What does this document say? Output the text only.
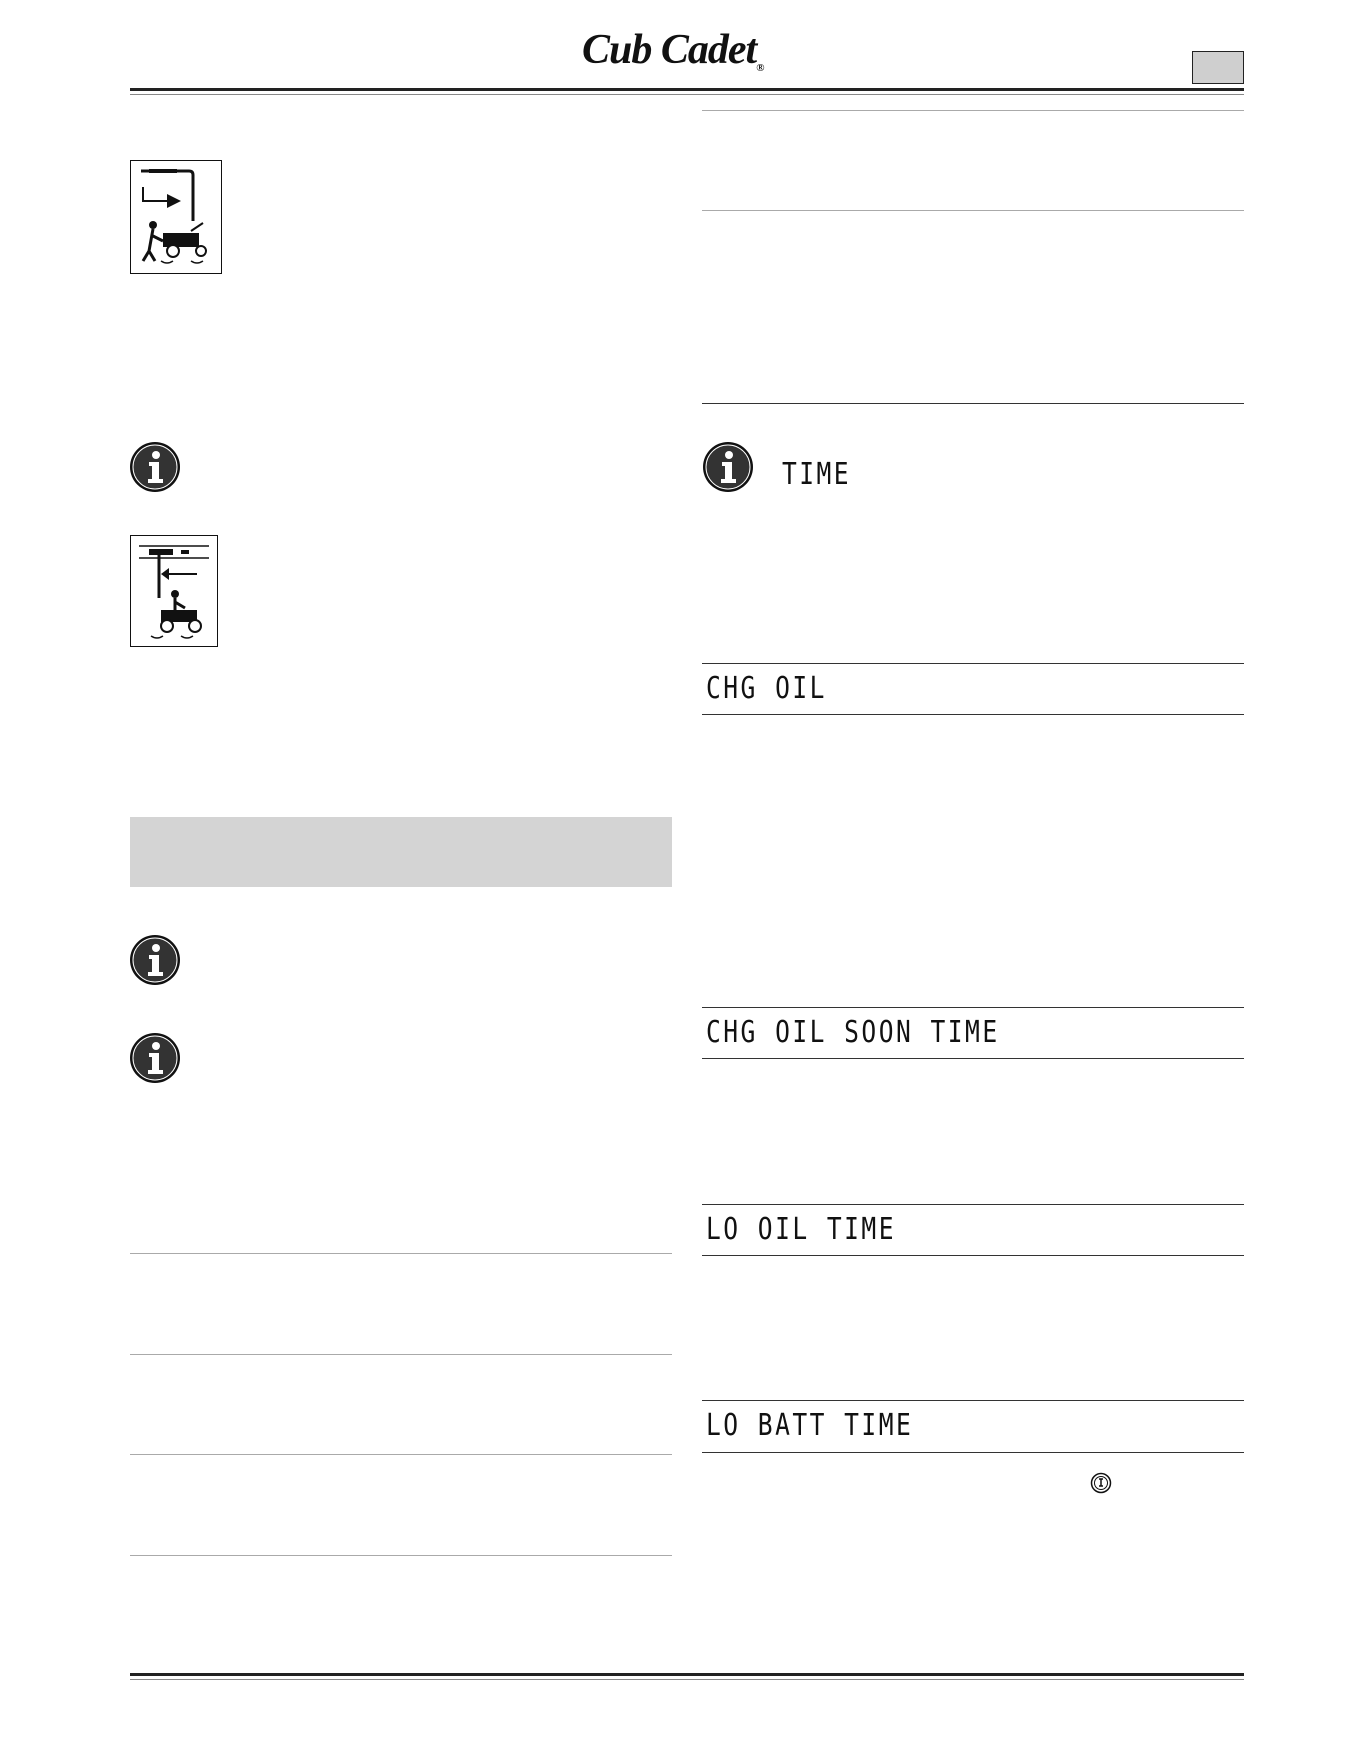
Cub Cadet®
TIME
CHG OIL
CHG OIL SOON TIME
LO OIL TIME
LO BATT TIME
